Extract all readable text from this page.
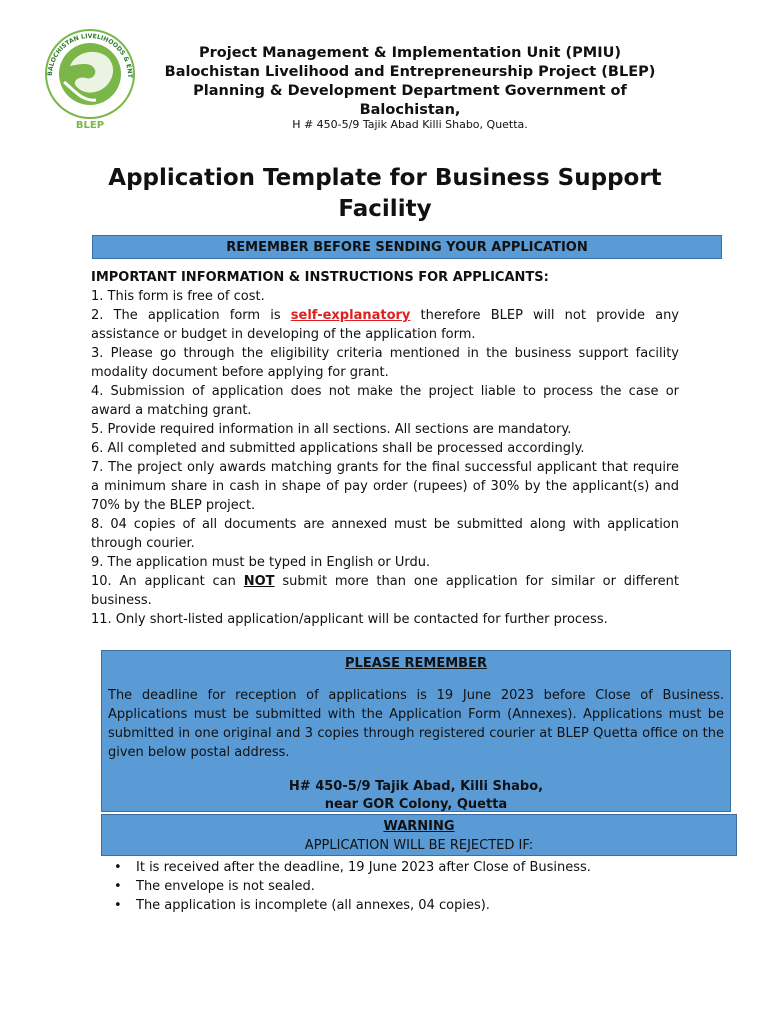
BALOCHISTAN LIVELIHOODS & ENT
BLEP
Project Management & Implementation Unit (PMIU)
Balochistan Livelihood and Entrepreneurship Project (BLEP)
Planning & Development Department Government of
Balochistan,
H # 450-5/9 Tajik Abad Killi Shabo, Quetta.
Application Template for Business Support
Facility
REMEMBER BEFORE SENDING YOUR APPLICATION

IMPORTANT INFORMATION & INSTRUCTIONS FOR APPLICANTS:

1. This form is free of cost.

2. The application form is self-explanatory therefore BLEP will not provide any assistance or budget in developing of the application form.

3. Please go through the eligibility criteria mentioned in the business support facility modality document before applying for grant.

4. Submission of application does not make the project liable to process the case or award a matching grant.

5. Provide required information in all sections. All sections are mandatory.

6. All completed and submitted applications shall be processed accordingly.

7. The project only awards matching grants for the final successful applicant that require a minimum share in cash in shape of pay order (rupees) of 30% by the applicant(s) and 70% by the BLEP project.

8. 04 copies of all documents are annexed must be submitted along with application through courier.

9. The application must be typed in English or Urdu.

10. An applicant can NOT submit more than one application for similar or different business.

11. Only short-listed application/applicant will be contacted for further process.

PLEASE REMEMBER
The deadline for reception of applications is 19 June 2023 before Close of Business. Applications must be submitted with the Application Form (Annexes). Applications must be submitted in one original and 3 copies through registered courier at BLEP Quetta office on the given below postal address.
H# 450-5/9 Tajik Abad, Killi Shabo,
near GOR Colony, Quetta
WARNING
APPLICATION WILL BE REJECTED IF:
• It is received after the deadline, 19 June 2023 after Close of Business.
• The envelope is not sealed.
• The application is incomplete (all annexes, 04 copies).
